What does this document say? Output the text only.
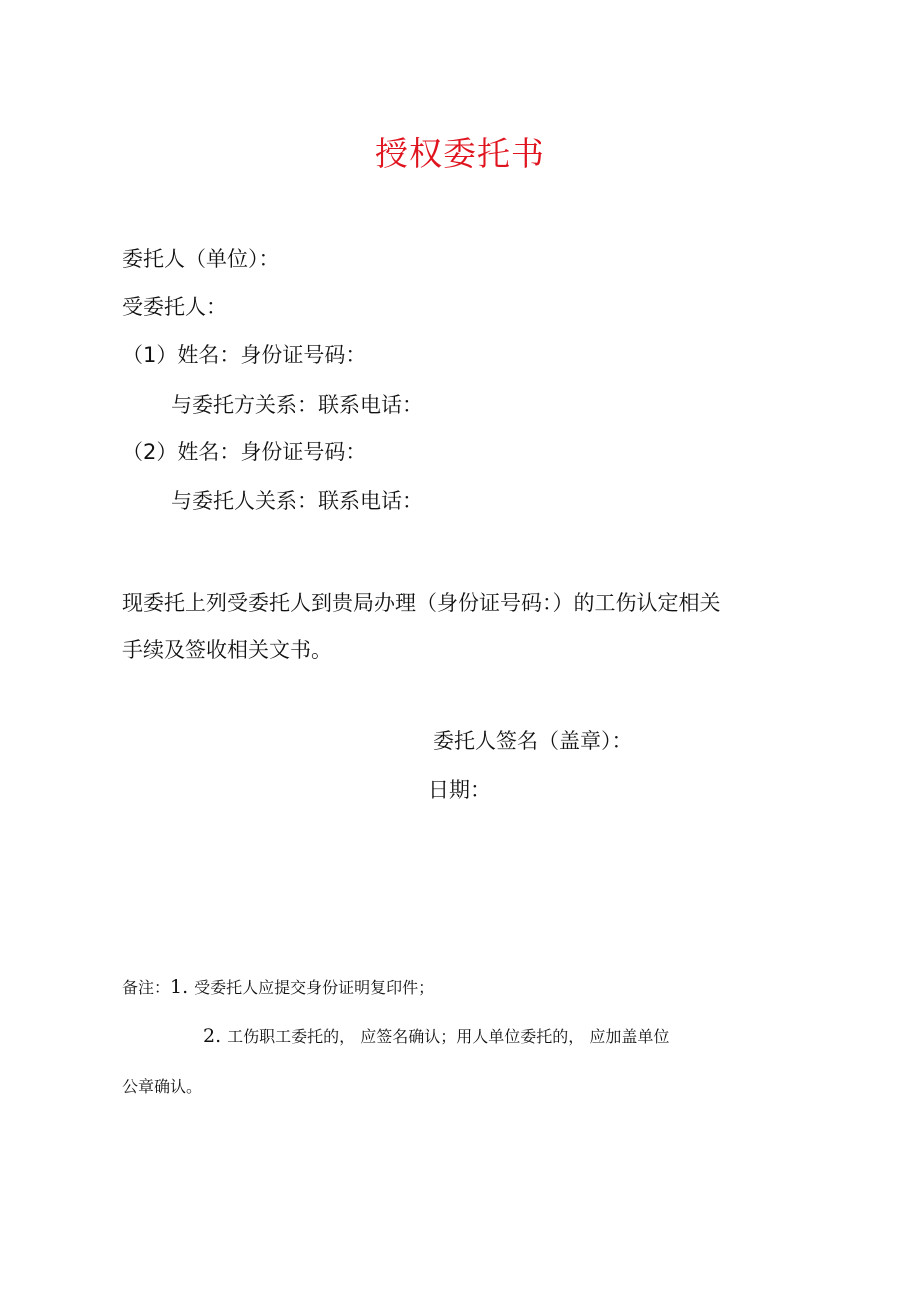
授权委托书
委托人（单位）：
受委托人：
（1）姓名：身份证号码：
与委托方关系：联系电话：
（2）姓名：身份证号码：
与委托人关系：联系电话：
现委托上列受委托人到贵局办理（身份证号码：）的工伤认定相关
手续及签收相关文书。
委托人签名（盖章）：
日期：
备注：1. 受委托人应提交身份证明复印件；
2. 工伤职工委托的， 应签名确认；用人单位委托的， 应加盖单位
公章确认。
